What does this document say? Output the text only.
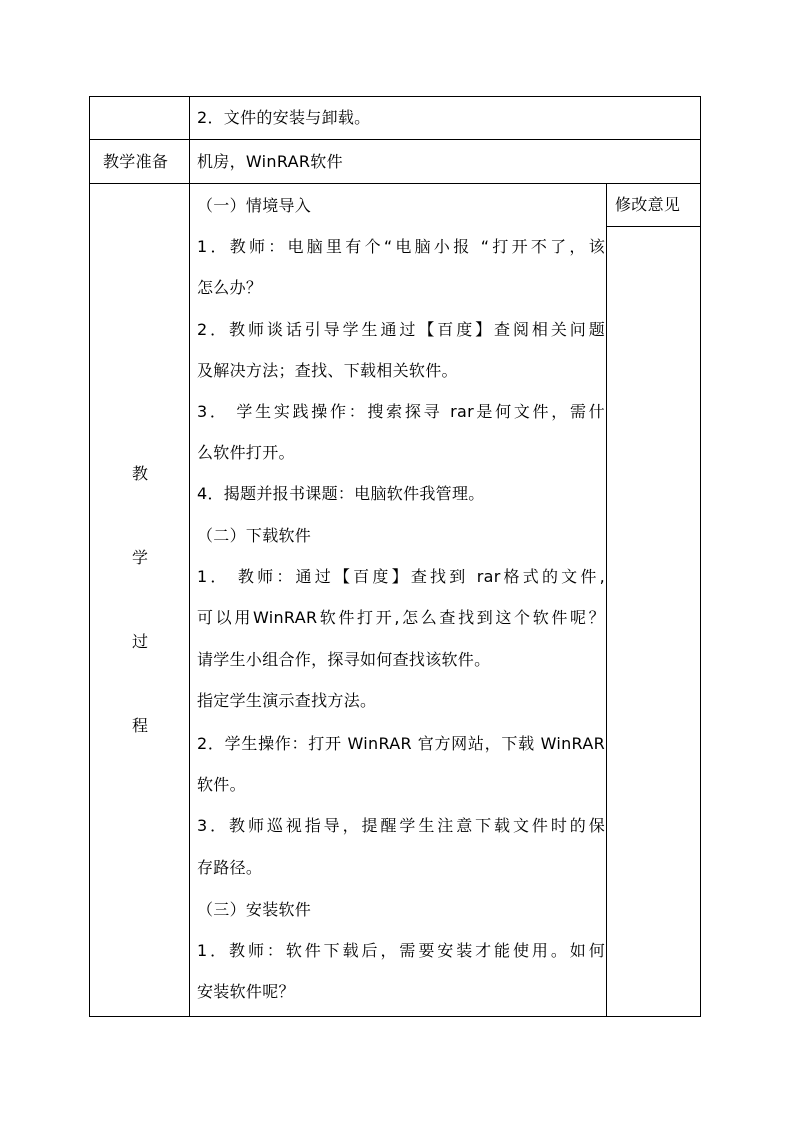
2．文件的安装与卸载。
教学准备 机房，WinRAR软件
教
学
过
程
修改意见

（一）情境导入

1．教师：电脑里有个“电脑小报 “打开不了，该

怎么办？

2．教师谈话引导学生通过【百度】查阅相关问题

及解决方法；查找、下载相关软件。

3． 学生实践操作：搜索探寻 rar是何文件，需什

么软件打开。

4．揭题并报书课题：电脑软件我管理。

（二）下载软件

1． 教师：通过【百度】查找到 rar格式的文件,

可以用WinRAR软件打开,怎么查找到这个软件呢？

请学生小组合作，探寻如何查找该软件。

指定学生演示查找方法。

2．学生操作：打开 WinRAR 官方网站，下载 WinRAR

软件。

3．教师巡视指导，提醒学生注意下载文件时的保

存路径。

（三）安装软件

1．教师：软件下载后，需要安装才能使用。如何

安装软件呢？
